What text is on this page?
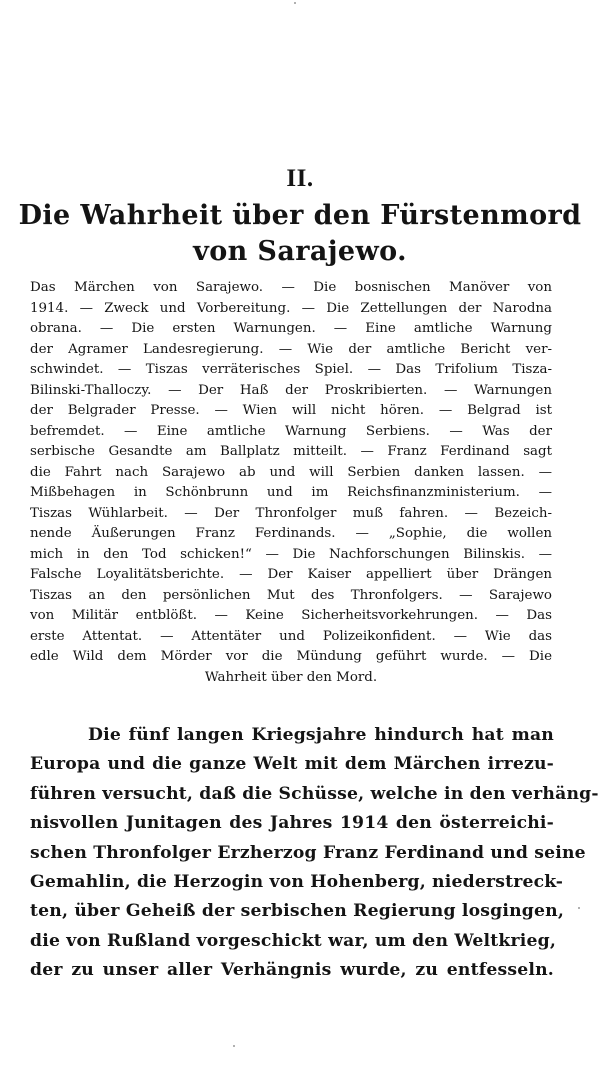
II.
Die Wahrheit über den Fürstenmord
von Sarajewo.
Das Märchen von Sarajewo. — Die bosnischen Manöver von
1914. — Zweck und Vorbereitung. — Die Zettellungen der Narodna
obrana. — Die ersten Warnungen. — Eine amtliche Warnung
der Agramer Landesregierung. — Wie der amtliche Bericht ver-
schwindet. — Tiszas verräterisches Spiel. — Das Trifolium Tisza-
Bilinski-Thalloczy. — Der Haß der Proskribierten. — Warnungen
der Belgrader Presse. — Wien will nicht hören. — Belgrad ist
befremdet. — Eine amtliche Warnung Serbiens. — Was der
serbische Gesandte am Ballplatz mitteilt. — Franz Ferdinand sagt
die Fahrt nach Sarajewo ab und will Serbien danken lassen. —
Mißbehagen in Schönbrunn und im Reichsfinanzministerium. —
Tiszas Wühlarbeit. — Der Thronfolger muß fahren. — Bezeich-
nende Äußerungen Franz Ferdinands. — „Sophie, die wollen
mich in den Tod schicken!“ — Die Nachforschungen Bilinskis. —
Falsche Loyalitätsberichte. — Der Kaiser appelliert über Drängen
Tiszas an den persönlichen Mut des Thronfolgers. — Sarajewo
von Militär entblößt. — Keine Sicherheitsvorkehrungen. — Das
erste Attentat. — Attentäter und Polizeikonfident. — Wie das
edle Wild dem Mörder vor die Mündung geführt wurde. — Die
Wahrheit über den Mord.
Die fünf langen Kriegsjahre hindurch hat man
Europa und die ganze Welt mit dem Märchen irrezu-
führen versucht, daß die Schüsse, welche in den verhäng-
nisvollen Junitagen des Jahres 1914 den österreichi-
schen Thronfolger Erzherzog Franz Ferdinand und seine
Gemahlin, die Herzogin von Hohenberg, niederstreck-
ten, über Geheiß der serbischen Regierung losgingen,
die von Rußland vorgeschickt war, um den Weltkrieg,
der zu unser aller Verhängnis wurde, zu entfesseln.
